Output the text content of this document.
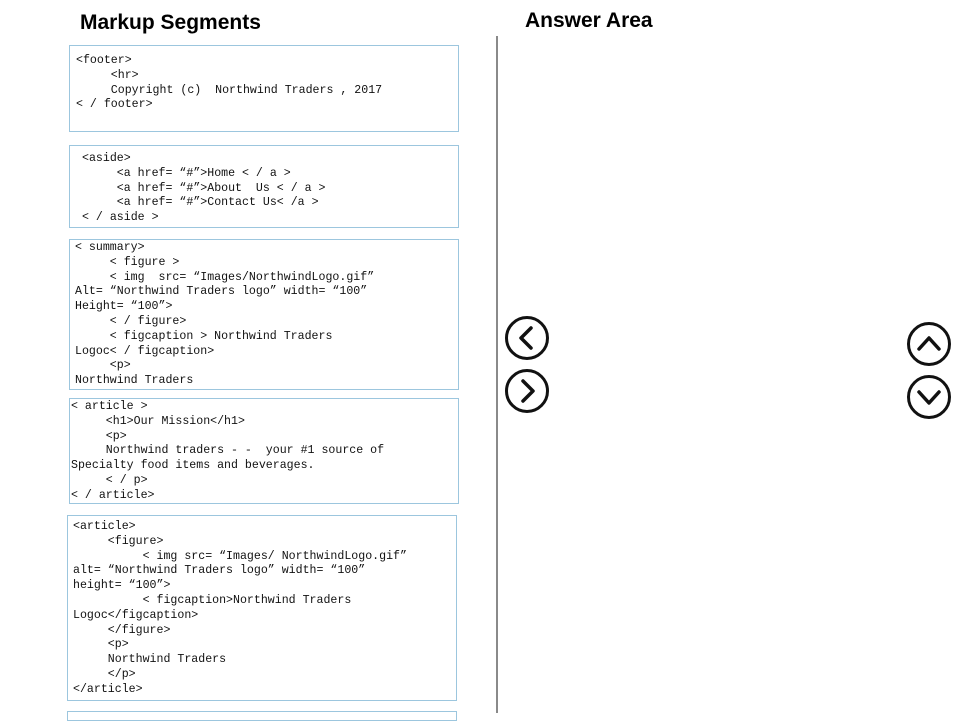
Markup Segments	Answer Area
<footer>
<hr>
Copyright (c)  Northwind Traders , 2017
< / footer>
<aside>
<a href= “#”>Home < / a >
<a href= “#”>About  Us < / a >
<a href= “#”>Contact Us< /a >
< / aside >
< summary>
< figure >
< img  src= “Images/NorthwindLogo.gif”
Alt= “Northwind Traders logo” width= “100”
Height= “100”>
< / figure>
< figcaption > Northwind Traders
Logoc< / figcaption>
<p>
Northwind Traders
< article >
<h1>Our Mission</h1>
<p>
Northwind traders - -  your #1 source of
Specialty food items and beverages.
< / p>
< / article>
<article>
<figure>
< img src= “Images/ NorthwindLogo.gif”
alt= “Northwind Traders logo” width= “100”
height= “100”>
< figcaption>Northwind Traders
Logoc</figcaption>
</figure>
<p>
Northwind Traders
</p>
</article>
